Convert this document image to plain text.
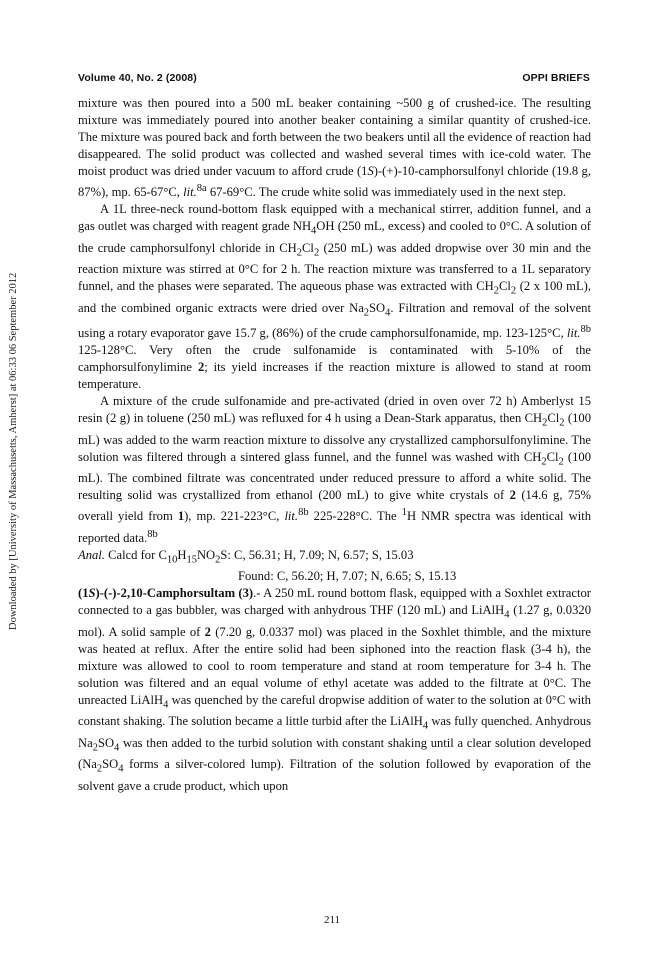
Volume 40, No. 2 (2008)	OPPI BRIEFS
Downloaded by [University of Massachusetts, Amherst] at 06:33 06 September 2012

mixture was then poured into a 500 mL beaker containing ~500 g of crushed-ice. The resulting mixture was immediately poured into another beaker containing a similar quantity of crushed-ice. The mixture was poured back and forth between the two beakers until all the evidence of reaction had disappeared. The solid product was collected and washed several times with ice-cold water. The moist product was dried under vacuum to afford crude (1S)-(+)-10-camphorsulfonyl chloride (19.8 g, 87%), mp. 65-67°C, lit.$^{8a}$ 67-69°C. The crude white solid was immediately used in the next step.

A 1L three-neck round-bottom flask equipped with a mechanical stirrer, addition funnel, and a gas outlet was charged with reagent grade $NH_4OH$ (250 mL, excess) and cooled to 0°C. A solution of the crude camphorsulfonyl chloride in $CH_2Cl_2$ (250 mL) was added dropwise over 30 min and the reaction mixture was stirred at 0°C for 2 h. The reaction mixture was transferred to a 1L separatory funnel, and the phases were separated. The aqueous phase was extracted with $CH_2Cl_2$ (2 x 100 mL), and the combined organic extracts were dried over $Na_2SO_4$. Filtration and removal of the solvent using a rotary evaporator gave 15.7 g, (86%) of the crude camphorsulfonamide, mp. 123-125°C, lit.$^{8b}$ 125-128°C. Very often the crude sulfonamide is contaminated with 5-10% of the camphorsulfonylimine 2; its yield increases if the reaction mixture is allowed to stand at room temperature.

A mixture of the crude sulfonamide and pre-activated (dried in oven over 72 h) Amberlyst 15 resin (2 g) in toluene (250 mL) was refluxed for 4 h using a Dean-Stark apparatus, then $CH_2Cl_2$ (100 mL) was added to the warm reaction mixture to dissolve any crystallized camphorsulfonylimine. The solution was filtered through a sintered glass funnel, and the funnel was washed with $CH_2Cl_2$ (100 mL). The combined filtrate was concentrated under reduced pressure to afford a white solid. The resulting solid was crystallized from ethanol (200 mL) to give white crystals of 2 (14.6 g, 75% overall yield from 1), mp. 221-223°C, lit.$^{8b}$ 225-228°C. The $^1$H NMR spectra was identical with reported data.$^{8b}$

Anal. Calcd for $C_{10}H_{15}NO_2S$: C, 56.31; H, 7.09; N, 6.57; S, 15.03

Found: C, 56.20; H, 7.07; N, 6.65; S, 15.13

(1S)-(-)-2,10-Camphorsultam (3).- A 250 mL round bottom flask, equipped with a Soxhlet extractor connected to a gas bubbler, was charged with anhydrous THF (120 mL) and LiAlH$_4$ (1.27 g, 0.0320 mol). A solid sample of 2 (7.20 g, 0.0337 mol) was placed in the Soxhlet thimble, and the mixture was heated at reflux. After the entire solid had been siphoned into the reaction flask (3-4 h), the mixture was allowed to cool to room temperature and stand at room temperature for 3-4 h. The solution was filtered and an equal volume of ethyl acetate was added to the filtrate at 0°C. The unreacted LiAlH$_4$ was quenched by the careful dropwise addition of water to the solution at 0°C with constant shaking. The solution became a little turbid after the LiAlH$_4$ was fully quenched. Anhydrous $Na_2SO_4$ was then added to the turbid solution with constant shaking until a clear solution developed ($Na_2SO_4$ forms a silver-colored lump). Filtration of the solution followed by evaporation of the solvent gave a crude product, which upon

211
